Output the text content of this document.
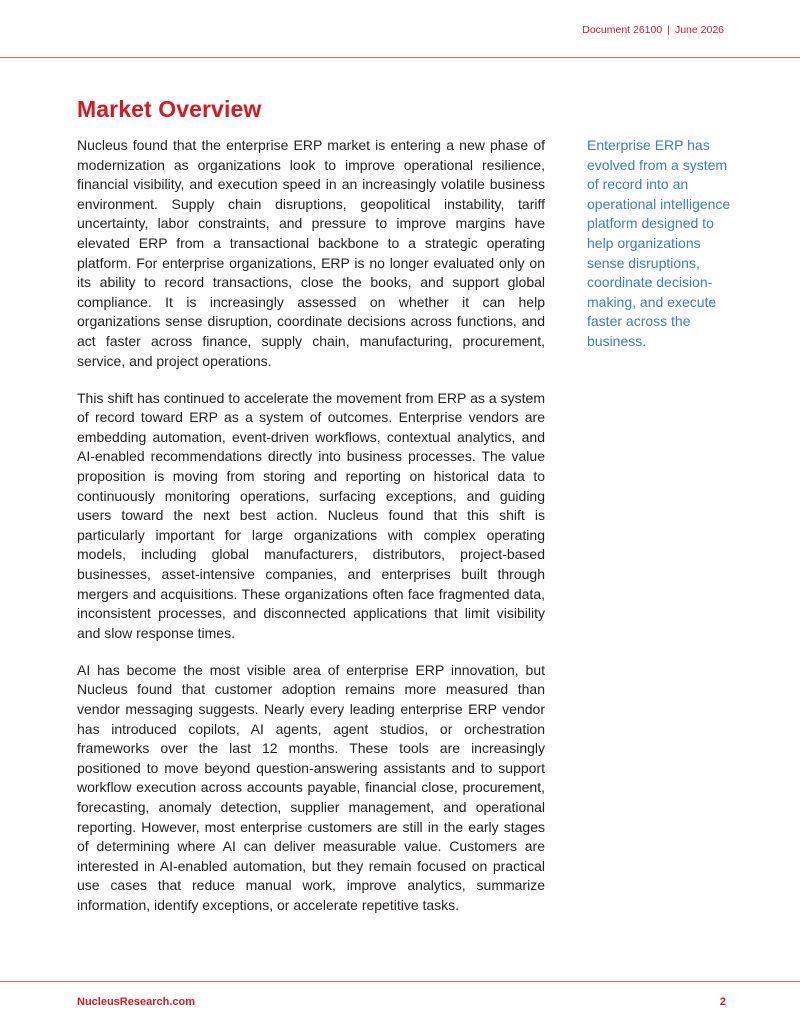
Document 26100 | June 2026
Market Overview

Nucleus found that the enterprise ERP market is entering a new phase of modernization as organizations look to improve operational resilience, financial visibility, and execution speed in an increasingly volatile business environment. Supply chain disruptions, geopolitical instability, tariff uncertainty, labor constraints, and pressure to improve margins have elevated ERP from a transactional backbone to a strategic operating platform. For enterprise organizations, ERP is no longer evaluated only on its ability to record transactions, close the books, and support global compliance. It is increasingly assessed on whether it can help organizations sense disruption, coordinate decisions across functions, and act faster across finance, supply chain, manufacturing, procurement, service, and project operations.

This shift has continued to accelerate the movement from ERP as a system of record toward ERP as a system of outcomes. Enterprise vendors are embedding automation, event-driven workflows, contextual analytics, and AI-enabled recommendations directly into business processes. The value proposition is moving from storing and reporting on historical data to continuously monitoring operations, surfacing exceptions, and guiding users toward the next best action. Nucleus found that this shift is particularly important for large organizations with complex operating models, including global manufacturers, distributors, project-based businesses, asset-intensive companies, and enterprises built through mergers and acquisitions. These organizations often face fragmented data, inconsistent processes, and disconnected applications that limit visibility and slow response times.

AI has become the most visible area of enterprise ERP innovation, but Nucleus found that customer adoption remains more measured than vendor messaging suggests. Nearly every leading enterprise ERP vendor has introduced copilots, AI agents, agent studios, or orchestration frameworks over the last 12 months. These tools are increasingly positioned to move beyond question-answering assistants and to support workflow execution across accounts payable, financial close, procurement, forecasting, anomaly detection, supplier management, and operational reporting. However, most enterprise customers are still in the early stages of determining where AI can deliver measurable value. Customers are interested in AI-enabled automation, but they remain focused on practical use cases that reduce manual work, improve analytics, summarize information, identify exceptions, or accelerate repetitive tasks.

Enterprise ERP has evolved from a system of record into an operational intelligence platform designed to help organizations sense disruptions, coordinate decision-making, and execute faster across the business.
NucleusResearch.com	2
